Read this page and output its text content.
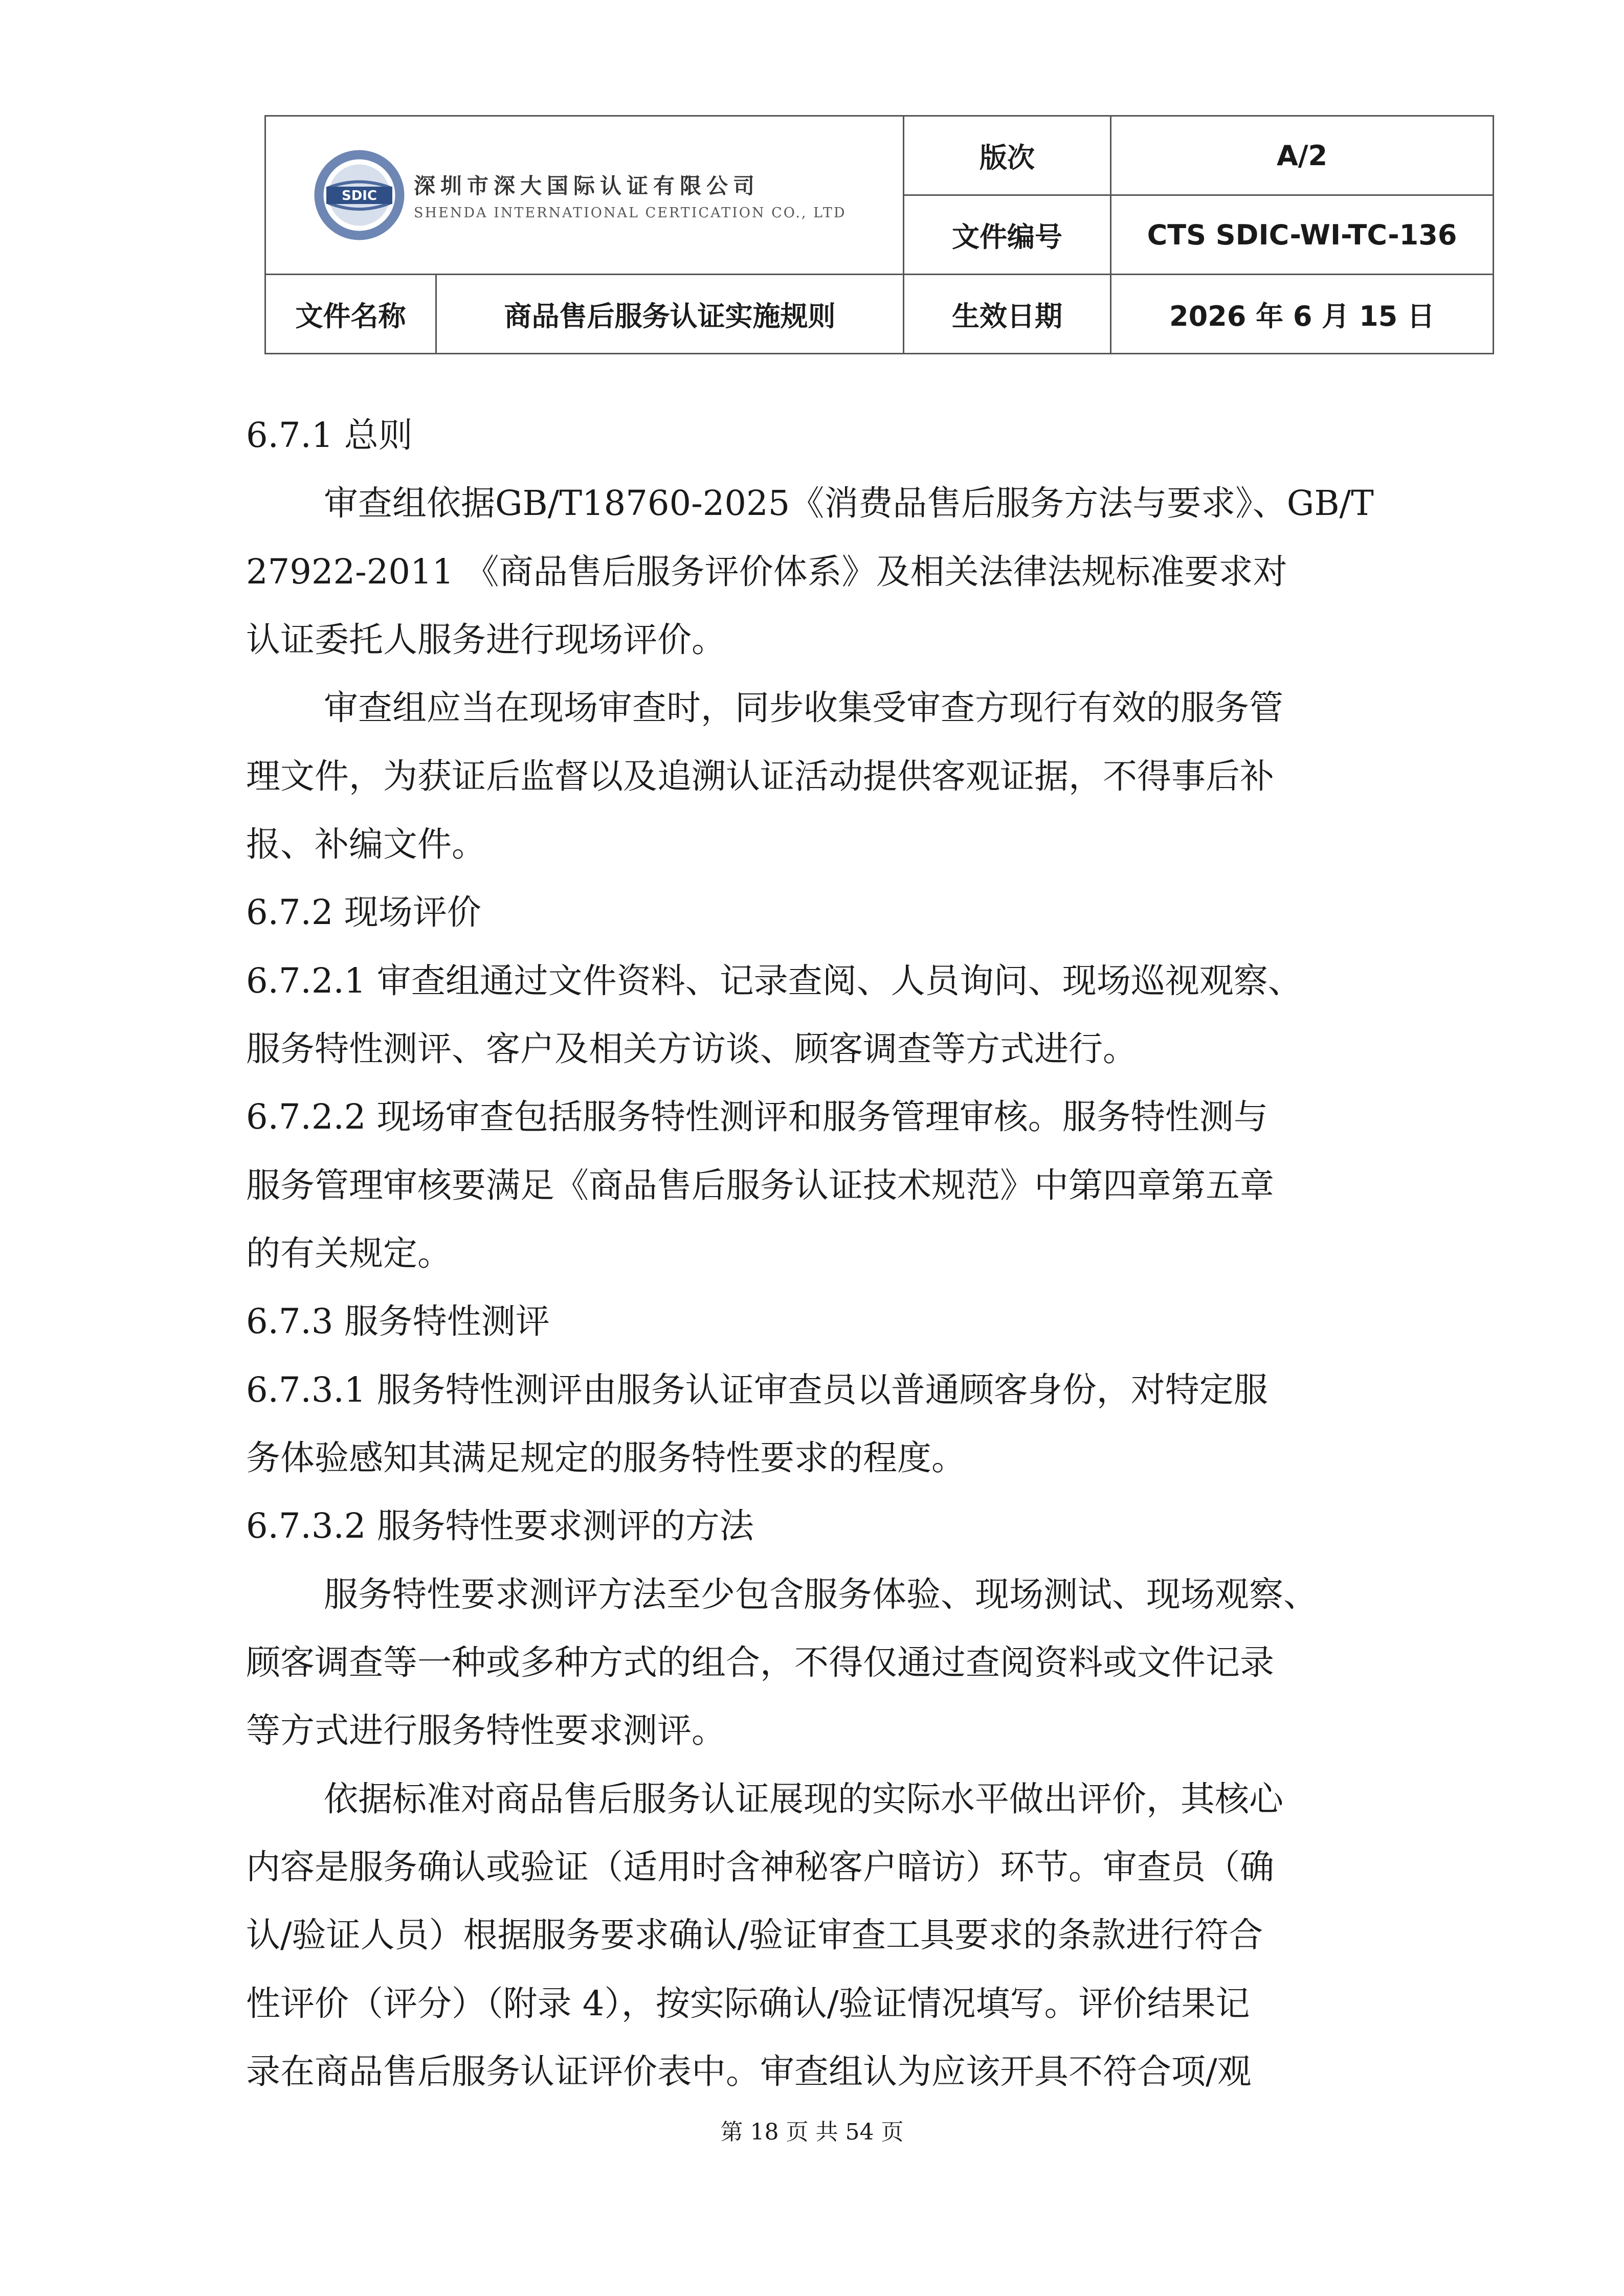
SDIC 深圳市深大国际认证有限公司
SHENDA INTERNATIONAL CERTICATION CO., LTD		版次	A/2
		文件编号	CTS SDIC-WI-TC-136
文件名称	商品售后服务认证实施规则	生效日期	2026 年 6 月 15 日
6.7.1 总则
审查组依据GB/T18760-2025《消费品售后服务方法与要求》、GB/T
27922-2011 《商品售后服务评价体系》及相关法律法规标准要求对
认证委托人服务进行现场评价。
审查组应当在现场审查时，同步收集受审查方现行有效的服务管
理文件，为获证后监督以及追溯认证活动提供客观证据，不得事后补
报、补编文件。
6.7.2 现场评价
6.7.2.1 审查组通过文件资料、记录查阅、人员询问、现场巡视观察、
服务特性测评、客户及相关方访谈、顾客调查等方式进行。
6.7.2.2 现场审查包括服务特性测评和服务管理审核。服务特性测与
服务管理审核要满足《商品售后服务认证技术规范》中第四章第五章
的有关规定。
6.7.3 服务特性测评
6.7.3.1 服务特性测评由服务认证审查员以普通顾客身份，对特定服
务体验感知其满足规定的服务特性要求的程度。
6.7.3.2 服务特性要求测评的方法
服务特性要求测评方法至少包含服务体验、现场测试、现场观察、
顾客调查等一种或多种方式的组合，不得仅通过查阅资料或文件记录
等方式进行服务特性要求测评。
依据标准对商品售后服务认证展现的实际水平做出评价，其核心
内容是服务确认或验证（适用时含神秘客户暗访）环节。审查员（确
认/验证人员）根据服务要求确认/验证审查工具要求的条款进行符合
性评价（评分）（附录 4），按实际确认/验证情况填写。评价结果记
录在商品售后服务认证评价表中。审查组认为应该开具不符合项/观
第 18 页 共 54 页
